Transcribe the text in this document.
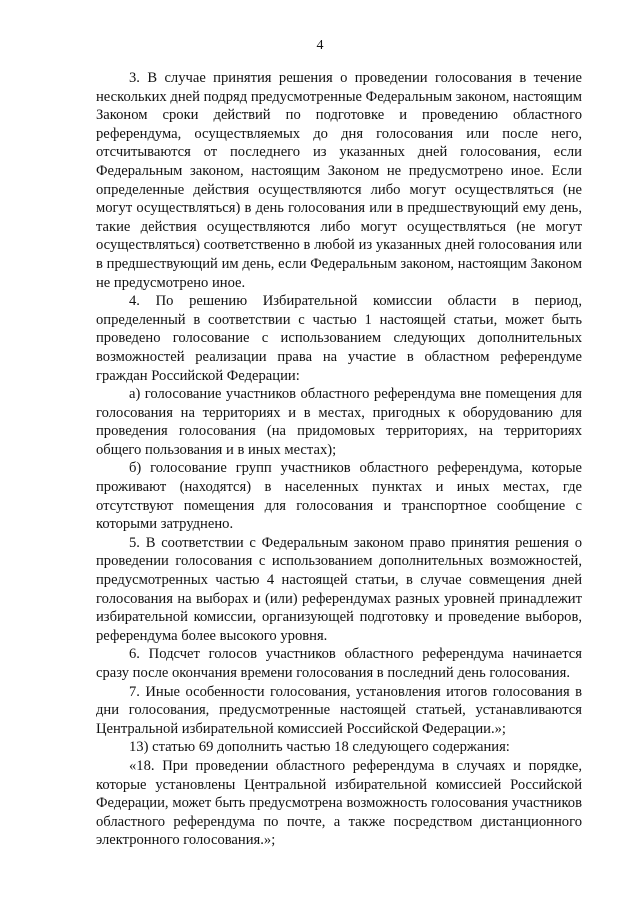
4

3. В случае принятия решения о проведении голосования в течение нескольких дней подряд предусмотренные Федеральным законом, настоящим Законом сроки действий по подготовке и проведению областного референдума, осуществляемых до дня голосования или после него, отсчитываются от последнего из указанных дней голосования, если Федеральным законом, настоящим Законом не предусмотрено иное. Если определенные действия осуществляются либо могут осуществляться (не могут осуществляться) в день голосования или в предшествующий ему день, такие действия осуществляются либо могут осуществляться (не могут осуществляться) соответственно в любой из указанных дней голосования или в предшествующий им день, если Федеральным законом, настоящим Законом не предусмотрено иное.

4. По решению Избирательной комиссии области в период, определенный в соответствии с частью 1 настоящей статьи, может быть проведено голосование с использованием следующих дополнительных возможностей реализации права на участие в областном референдуме граждан Российской Федерации:

а) голосование участников областного референдума вне помещения для голосования на территориях и в местах, пригодных к оборудованию для проведения голосования (на придомовых территориях, на территориях общего пользования и в иных местах);

б) голосование групп участников областного референдума, которые проживают (находятся) в населенных пунктах и иных местах, где отсутствуют помещения для голосования и транспортное сообщение с которыми затруднено.

5. В соответствии с Федеральным законом право принятия решения о проведении голосования с использованием дополнительных возможностей, предусмотренных частью 4 настоящей статьи, в случае совмещения дней голосования на выборах и (или) референдумах разных уровней принадлежит избирательной комиссии, организующей подготовку и проведение выборов, референдума более высокого уровня.

6. Подсчет голосов участников областного референдума начинается сразу после окончания времени голосования в последний день голосования.

7. Иные особенности голосования, установления итогов голосования в дни голосования, предусмотренные настоящей статьей, устанавливаются Центральной избирательной комиссией Российской Федерации.»;

13) статью 69 дополнить частью 18 следующего содержания:

«18. При проведении областного референдума в случаях и порядке, которые установлены Центральной избирательной комиссией Российской Федерации, может быть предусмотрена возможность голосования участников областного референдума по почте, а также посредством дистанционного электронного голосования.»;
